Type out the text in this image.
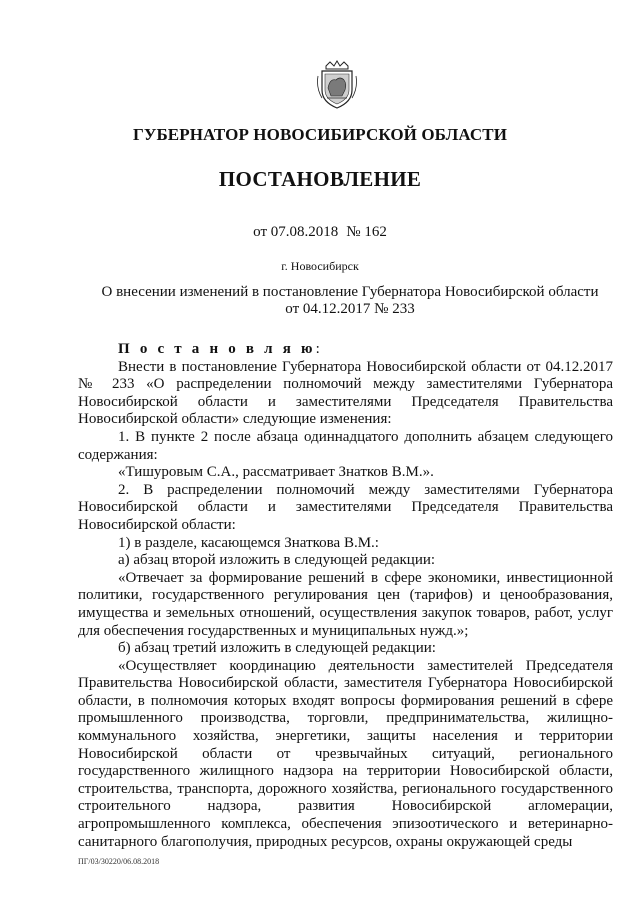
ГУБЕРНАТОР НОВОСИБИРСКОЙ ОБЛАСТИ
ПОСТАНОВЛЕНИЕ
от 07.08.2018 № 162
г. Новосибирск
О внесении изменений в постановление Губернатора Новосибирской области
от 04.12.2017 № 233

П о с т а н о в л я ю:

Внести в постановление Губернатора Новосибирской области от 04.12.2017 № 233 «О распределении полномочий между заместителями Губернатора Новосибирской области и заместителями Председателя Правительства Новосибирской области» следующие изменения:

1. В пункте 2 после абзаца одиннадцатого дополнить абзацем следующего содержания:

«Тишуровым С.А., рассматривает Знатков В.М.».

2. В распределении полномочий между заместителями Губернатора Новосибирской области и заместителями Председателя Правительства Новосибирской области:

1) в разделе, касающемся Знаткова В.М.:

а) абзац второй изложить в следующей редакции:

«Отвечает за формирование решений в сфере экономики, инвестиционной политики, государственного регулирования цен (тарифов) и ценообразования, имущества и земельных отношений, осуществления закупок товаров, работ, услуг для обеспечения государственных и муниципальных нужд.»;

б) абзац третий изложить в следующей редакции:

«Осуществляет координацию деятельности заместителей Председателя Правительства Новосибирской области, заместителя Губернатора Новосибирской области, в полномочия которых входят вопросы формирования решений в сфере промышленного производства, торговли, предпринимательства, жилищно-коммунального хозяйства, энергетики, защиты населения и территории Новосибирской области от чрезвычайных ситуаций, регионального государственного жилищного надзора на территории Новосибирской области, строительства, транспорта, дорожного хозяйства, регионального государственного строительного надзора, развития Новосибирской агломерации, агропромышленного комплекса, обеспечения эпизоотического и ветеринарно-санитарного благополучия, природных ресурсов, охраны окружающей среды

ПГ/03/30220/06.08.2018
